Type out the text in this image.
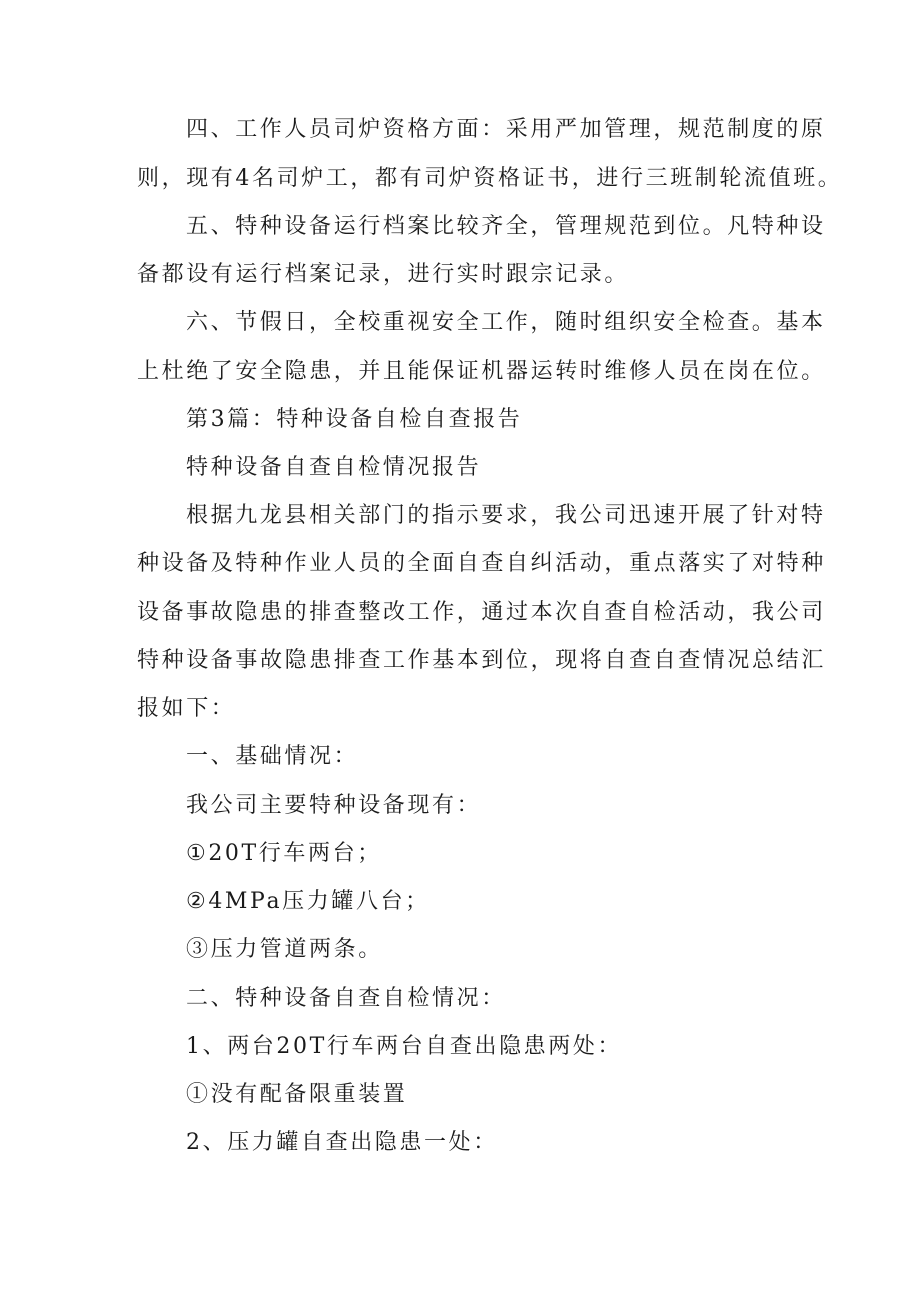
四、工作人员司炉资格方面：采用严加管理，规范制度的原

则，现有4名司炉工，都有司炉资格证书，进行三班制轮流值班。

五、特种设备运行档案比较齐全，管理规范到位。凡特种设

备都设有运行档案记录，进行实时跟宗记录。

六、节假日，全校重视安全工作，随时组织安全检查。基本

上杜绝了安全隐患，并且能保证机器运转时维修人员在岗在位。

第3篇：特种设备自检自查报告

特种设备自查自检情况报告

根据九龙县相关部门的指示要求，我公司迅速开展了针对特

种设备及特种作业人员的全面自查自纠活动，重点落实了对特种

设备事故隐患的排查整改工作，通过本次自查自检活动，我公司

特种设备事故隐患排查工作基本到位，现将自查自查情况总结汇

报如下：

一、基础情况：

我公司主要特种设备现有：

①20T行车两台；

②4MPa压力罐八台；

③压力管道两条。

二、特种设备自查自检情况：

1、两台20T行车两台自查出隐患两处：

①没有配备限重装置

2、压力罐自查出隐患一处：
